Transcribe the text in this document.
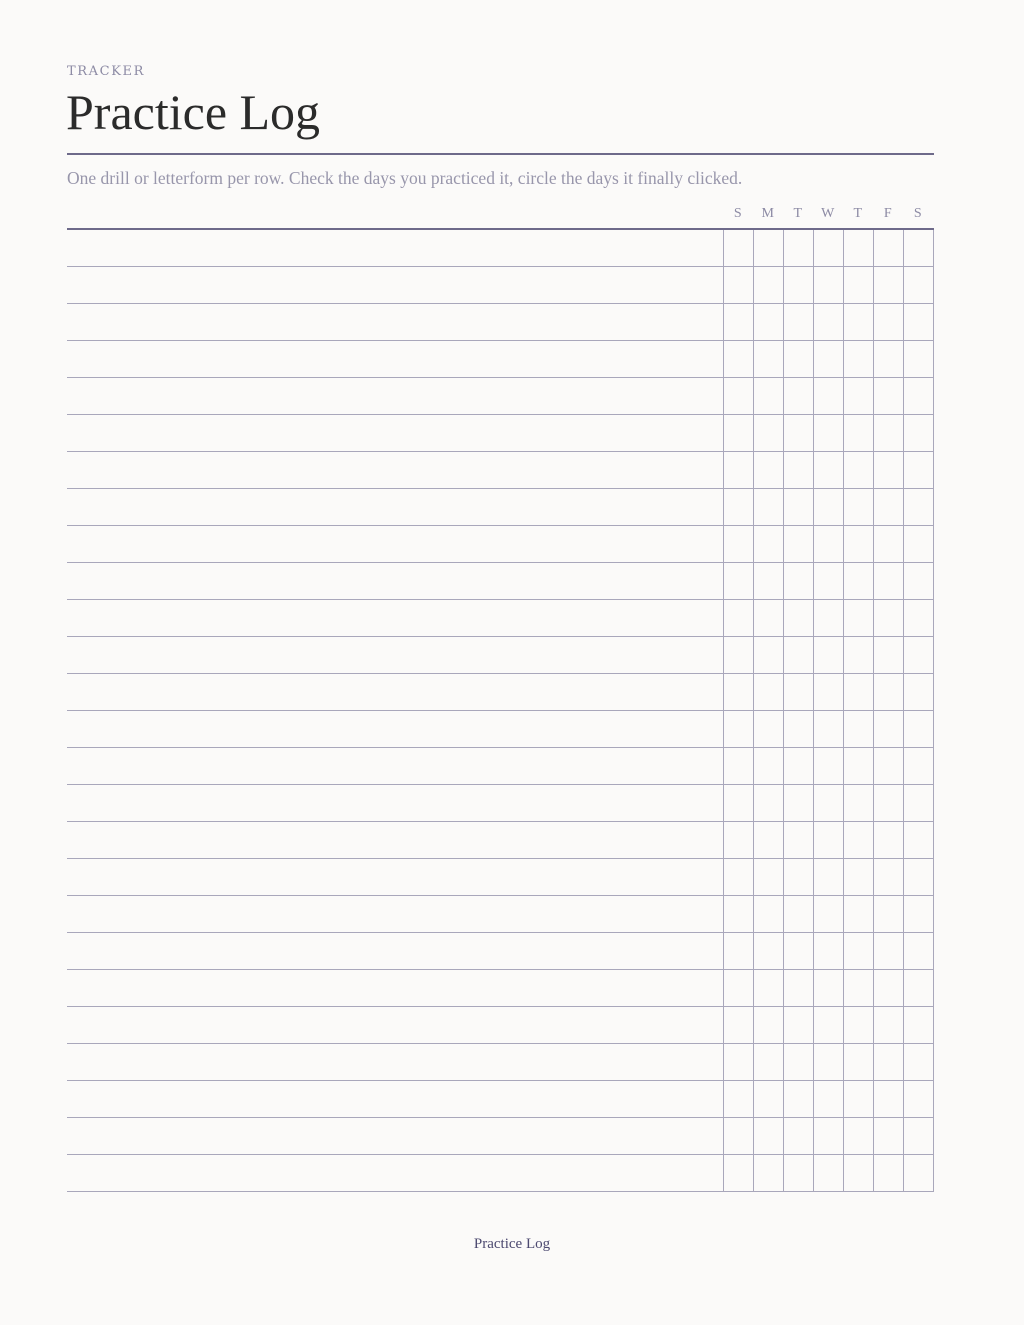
TRACKER
Practice Log

One drill or letterform per row. Check the days you practiced it, circle the days it finally clicked.

S	M	T	W	T	F	S

Practice Log
